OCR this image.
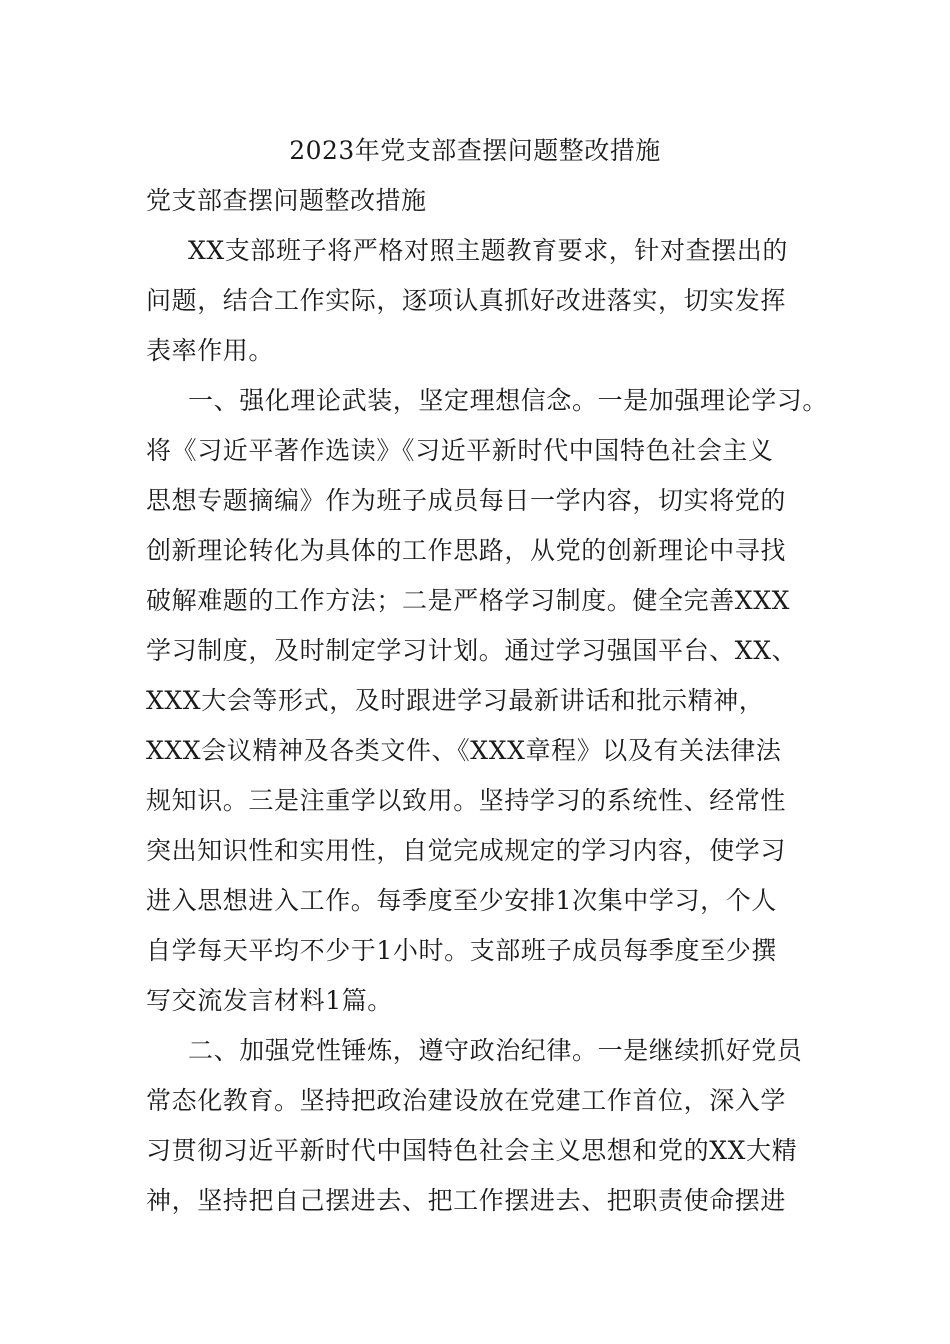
2023年党支部查摆问题整改措施
党支部查摆问题整改措施
XX支部班子将严格对照主题教育要求，针对查摆出的
问题，结合工作实际，逐项认真抓好改进落实，切实发挥
表率作用。
一、强化理论武装，坚定理想信念。一是加强理论学习。
将《习近平著作选读》《习近平新时代中国特色社会主义
思想专题摘编》作为班子成员每日一学内容，切实将党的
创新理论转化为具体的工作思路，从党的创新理论中寻找
破解难题的工作方法；二是严格学习制度。健全完善XXX
学习制度，及时制定学习计划。通过学习强国平台、XX、
XXX大会等形式，及时跟进学习最新讲话和批示精神，
XXX会议精神及各类文件、《XXX章程》以及有关法律法
规知识。三是注重学以致用。坚持学习的系统性、经常性
突出知识性和实用性，自觉完成规定的学习内容，使学习
进入思想进入工作。每季度至少安排1次集中学习，个人
自学每天平均不少于1小时。支部班子成员每季度至少撰
写交流发言材料1篇。
二、加强党性锤炼，遵守政治纪律。一是继续抓好党员
常态化教育。坚持把政治建设放在党建工作首位，深入学
习贯彻习近平新时代中国特色社会主义思想和党的XX大精
神，坚持把自己摆进去、把工作摆进去、把职责使命摆进
